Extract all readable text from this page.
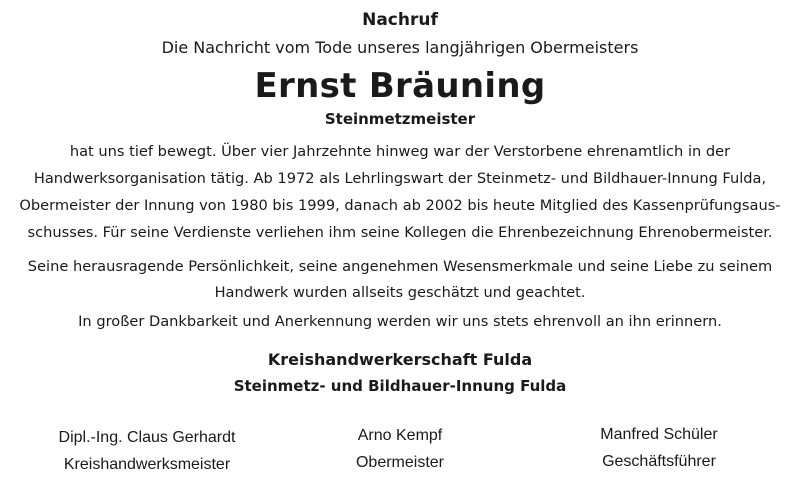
Nachruf
Die Nachricht vom Tode unseres langjährigen Obermeisters
Ernst Bräuning
Steinmetzmeister
hat uns tief bewegt. Über vier Jahrzehnte hinweg war der Verstorbene ehrenamtlich in der
Handwerksorganisation tätig. Ab 1972 als Lehrlingswart der Steinmetz- und Bildhauer-Innung Fulda,
Obermeister der Innung von 1980 bis 1999, danach ab 2002 bis heute Mitglied des Kassenprüfungsaus-
schusses. Für seine Verdienste verliehen ihm seine Kollegen die Ehrenbezeichnung Ehrenobermeister.
Seine herausragende Persönlichkeit, seine angenehmen Wesensmerkmale und seine Liebe zu seinem
Handwerk wurden allseits geschätzt und geachtet.
In großer Dankbarkeit und Anerkennung werden wir uns stets ehrenvoll an ihn erinnern.
Kreishandwerkerschaft Fulda
Steinmetz- und Bildhauer-Innung Fulda
Dipl.-Ing. Claus Gerhardt
Kreishandwerksmeister
Arno Kempf
Obermeister
Manfred Schüler
Geschäftsführer
